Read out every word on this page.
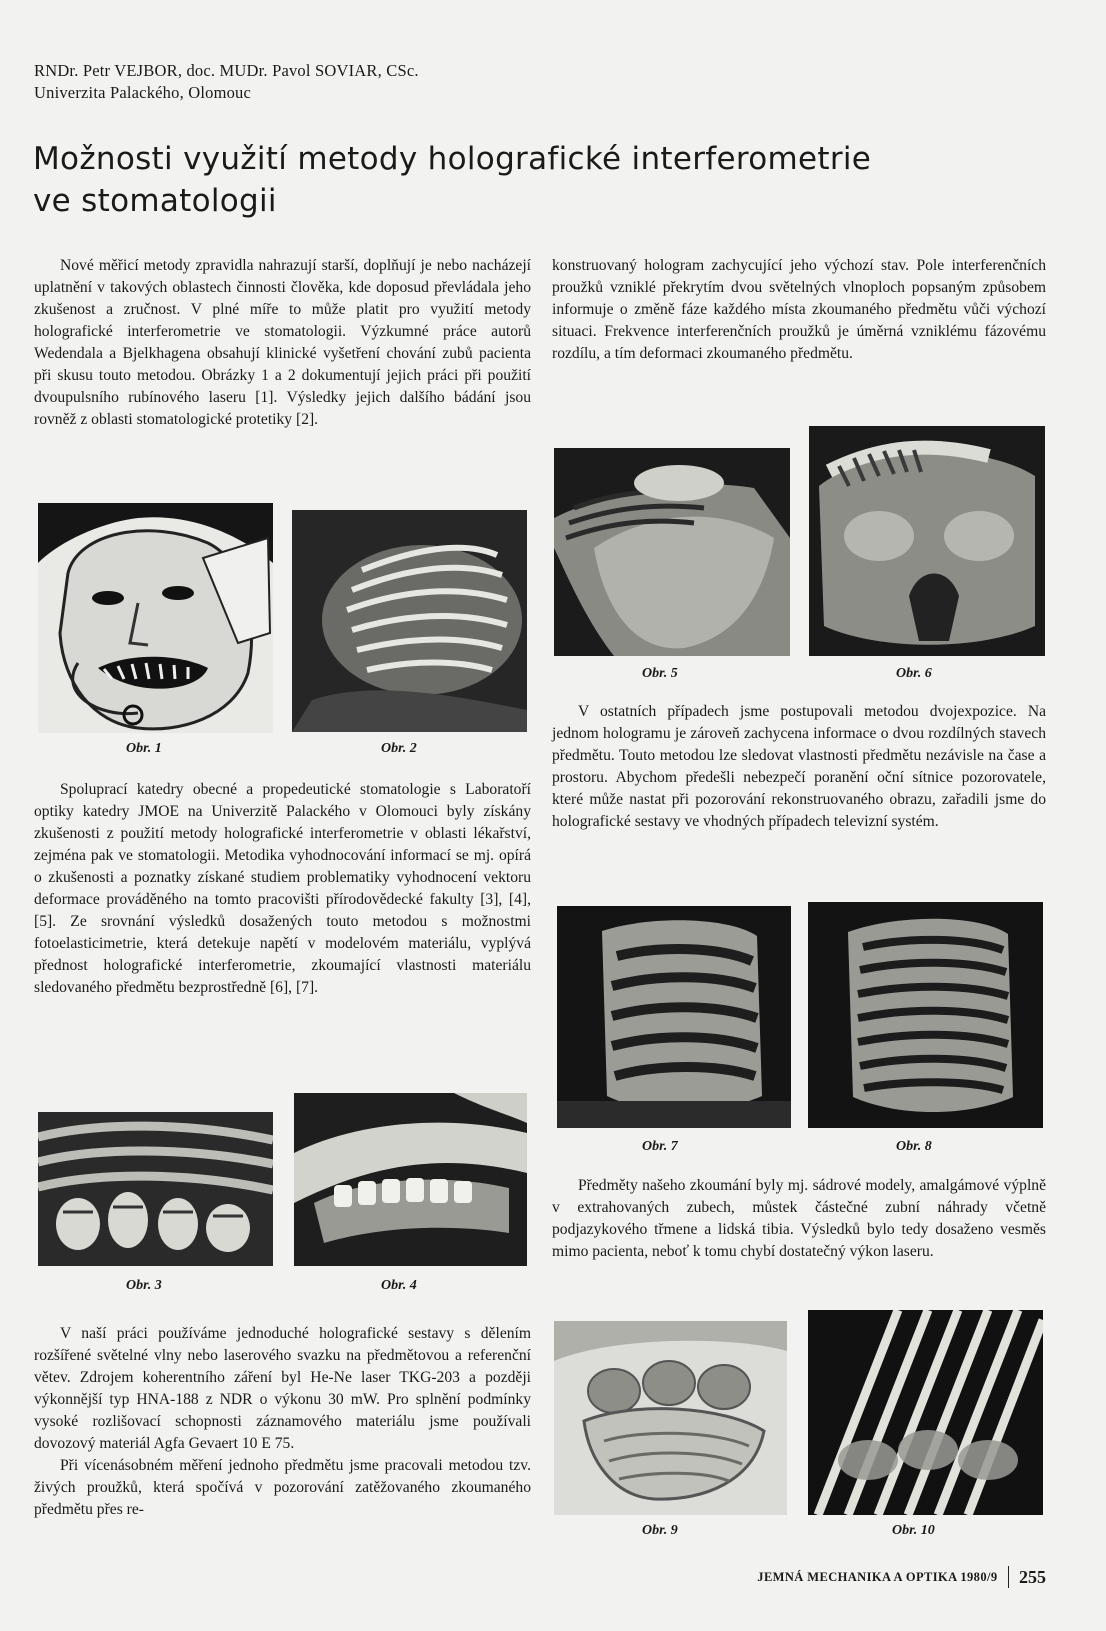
RNDr. Petr VEJBOR, doc. MUDr. Pavol SOVIAR, CSc.
Univerzita Palackého, Olomouc
Možnosti využití metody holografické interferometrie
ve stomatologii

Nové měřicí metody zpravidla nahrazují starší, doplňují je nebo nacházejí uplatnění v takových oblastech činnosti člověka, kde doposud převládala jeho zkušenost a zručnost. V plné míře to může platit pro využití metody holografické interferometrie ve stomatologii. Výzkumné práce autorů Wedendala a Bjelkhagena obsahují klinické vyšetření chování zubů pacienta při skusu touto metodou. Obrázky 1 a 2 dokumentují jejich práci při použití dvoupulsního rubínového laseru [1]. Výsledky jejich dalšího bádání jsou rovněž z oblasti stomatologické protetiky [2].

Obr. 1	Obr. 2

Spoluprací katedry obecné a propedeutické stomatologie s Laboratoří optiky katedry JMOE na Univerzitě Palackého v Olomouci byly získány zkušenosti z použití metody holografické interferometrie v oblasti lékařství, zejména pak ve stomatologii. Metodika vyhodnocování informací se mj. opírá o zkušenosti a poznatky získané studiem problematiky vyhodnocení vektoru deformace prováděného na tomto pracovišti přírodovědecké fakulty [3], [4], [5]. Ze srovnání výsledků dosažených touto metodou s možnostmi fotoelasticimetrie, která detekuje napětí v modelovém materiálu, vyplývá přednost holografické interferometrie, zkoumající vlastnosti materiálu sledovaného předmětu bezprostředně [6], [7].

Obr. 3	Obr. 4

V naší práci používáme jednoduché holografické sestavy s dělením rozšířené světelné vlny nebo laserového svazku na předmětovou a referenční větev. Zdrojem koherentního záření byl He-Ne laser TKG-203 a později výkonnější typ HNA-188 z NDR o výkonu 30 mW. Pro splnění podmínky vysoké rozlišovací schopnosti záznamového materiálu jsme používali dovozový materiál Agfa Gevaert 10 E 75.

Při vícenásobném měření jednoho předmětu jsme pracovali metodou tzv. živých proužků, která spočívá v pozorování zatěžovaného zkoumaného předmětu přes re-

konstruovaný hologram zachycující jeho výchozí stav. Pole interferenčních proužků vzniklé překrytím dvou světelných vlnoploch popsaným způsobem informuje o změně fáze každého místa zkoumaného předmětu vůči výchozí situaci. Frekvence interferenčních proužků je úměrná vzniklému fázovému rozdílu, a tím deformaci zkoumaného předmětu.

Obr. 5	Obr. 6

V ostatních případech jsme postupovali metodou dvojexpozice. Na jednom hologramu je zároveň zachycena informace o dvou rozdílných stavech předmětu. Touto metodou lze sledovat vlastnosti předmětu nezávisle na čase a prostoru. Abychom předešli nebezpečí poranění oční sítnice pozorovatele, které může nastat při pozorování rekonstruovaného obrazu, zařadili jsme do holografické sestavy ve vhodných případech televizní systém.

Obr. 7	Obr. 8

Předměty našeho zkoumání byly mj. sádrové modely, amalgámové výplně v extrahovaných zubech, můstek částečné zubní náhrady včetně podjazykového třmene a lidská tibia. Výsledků bylo tedy dosaženo vesměs mimo pacienta, neboť k tomu chybí dostatečný výkon laseru.

Obr. 9	Obr. 10
JEMNÁ MECHANIKA A OPTIKA 1980/9 255
